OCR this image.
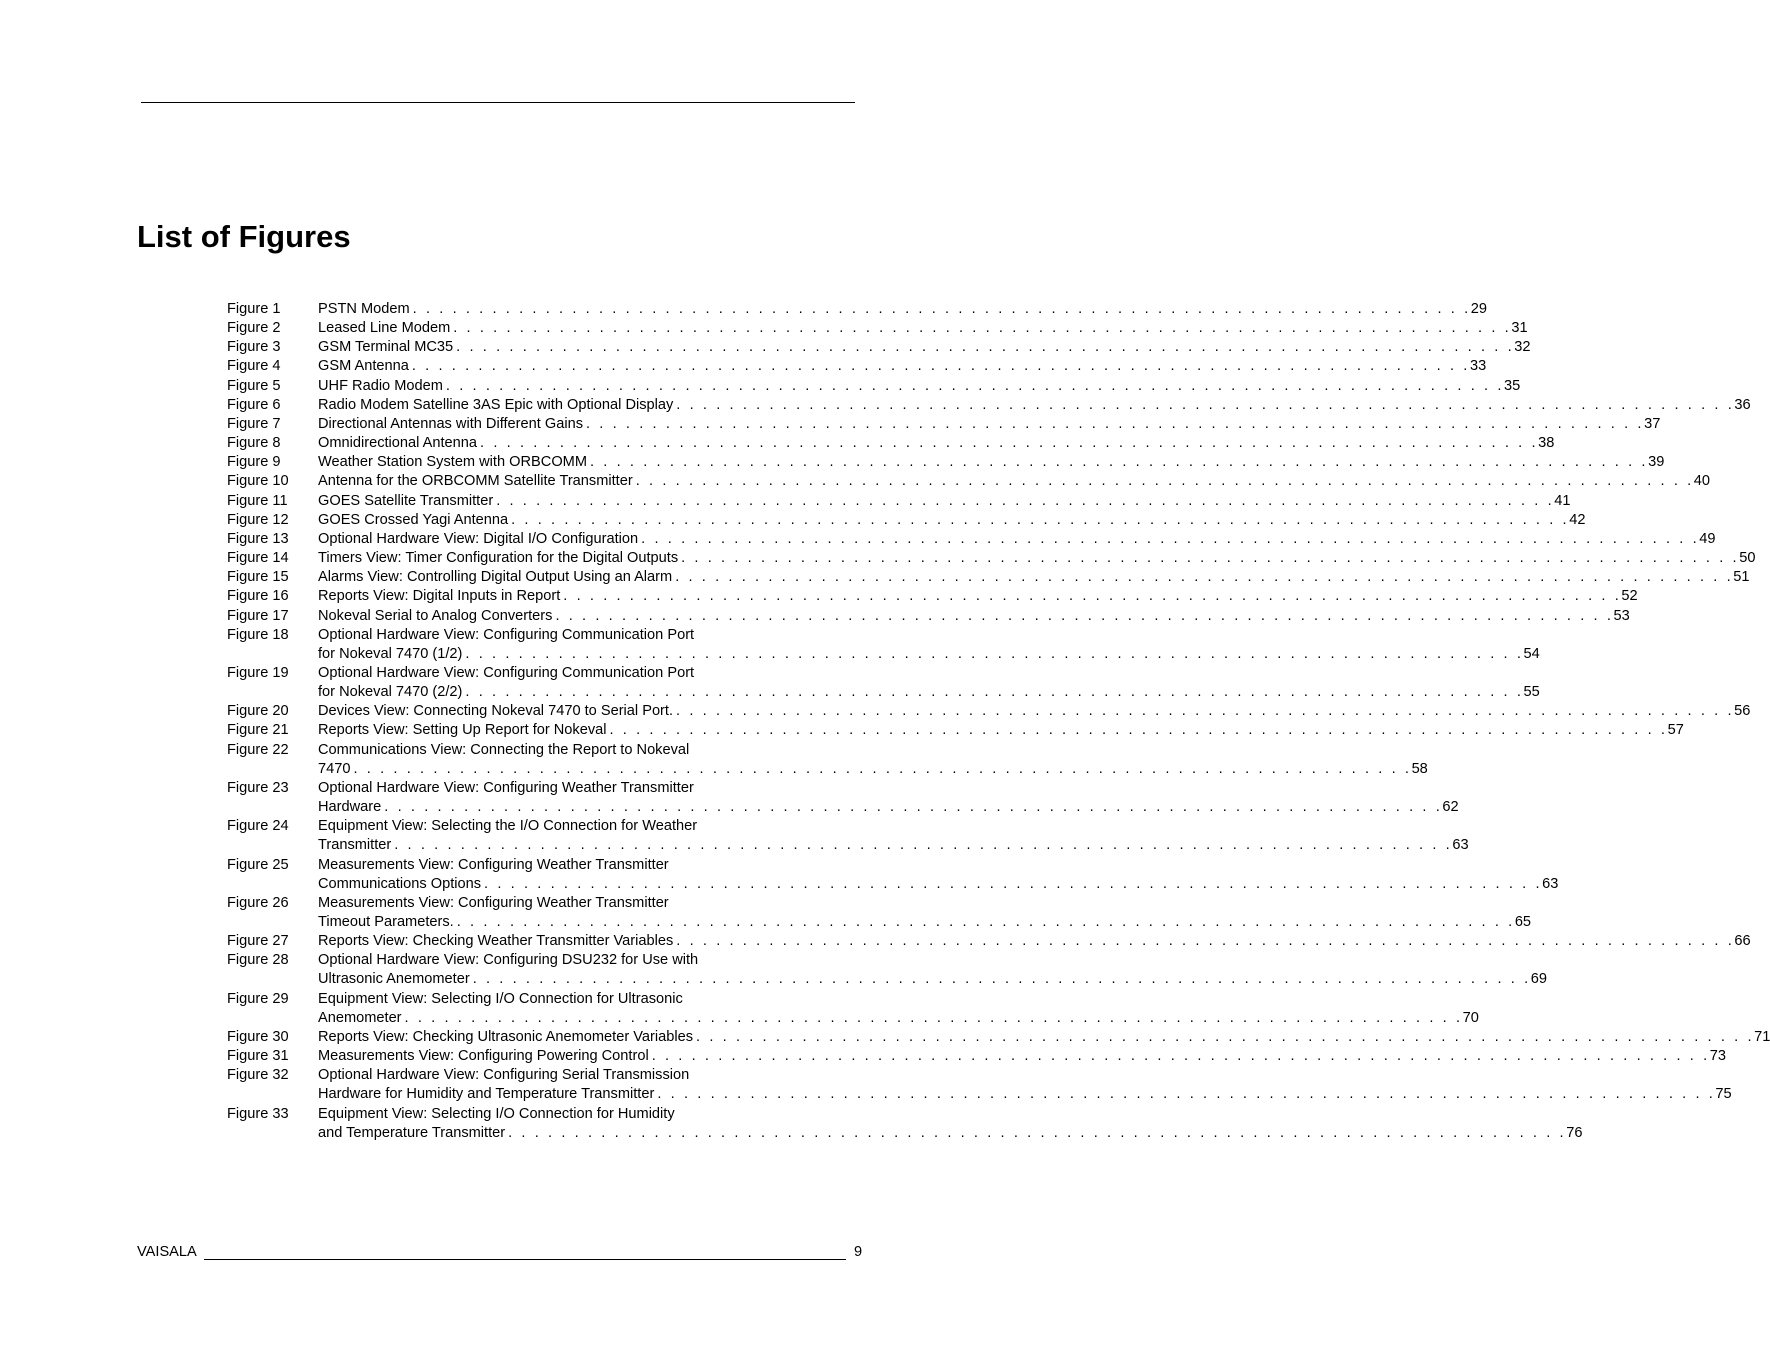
List of Figures
Figure 1	PSTN Modem . . . . . . . . . . . . . . . . . . . . . . . . . . . . . . . . . . . . . . . . . . . . . . . . . . . . . . . . . . . . . . . . . . . . . . . . . . . . . . . . 29
Figure 2	Leased Line Modem . . . . . . . . . . . . . . . . . . . . . . . . . . . . . . . . . . . . . . . . . . . . . . . . . . . . . . . . . . . . . . . . . . . . . . . . . . . . . . . . 31
Figure 3	GSM Terminal MC35 . . . . . . . . . . . . . . . . . . . . . . . . . . . . . . . . . . . . . . . . . . . . . . . . . . . . . . . . . . . . . . . . . . . . . . . . . . . . . . . . 32
Figure 4	GSM Antenna . . . . . . . . . . . . . . . . . . . . . . . . . . . . . . . . . . . . . . . . . . . . . . . . . . . . . . . . . . . . . . . . . . . . . . . . . . . . . . . . 33
Figure 5	UHF Radio Modem . . . . . . . . . . . . . . . . . . . . . . . . . . . . . . . . . . . . . . . . . . . . . . . . . . . . . . . . . . . . . . . . . . . . . . . . . . . . . . . . 35
Figure 6	Radio Modem Satelline 3AS Epic with Optional Display . . . . . . . . . . . . . . . . . . . . . . . . . . . . . . . . . . . . . . . . . . . . . . . . . . . . . . . . . . . . . . . . . . . . . . . . . . . . . . . . 36
Figure 7	Directional Antennas with Different Gains . . . . . . . . . . . . . . . . . . . . . . . . . . . . . . . . . . . . . . . . . . . . . . . . . . . . . . . . . . . . . . . . . . . . . . . . . . . . . . . . 37
Figure 8	Omnidirectional Antenna . . . . . . . . . . . . . . . . . . . . . . . . . . . . . . . . . . . . . . . . . . . . . . . . . . . . . . . . . . . . . . . . . . . . . . . . . . . . . . . . 38
Figure 9	Weather Station System with ORBCOMM . . . . . . . . . . . . . . . . . . . . . . . . . . . . . . . . . . . . . . . . . . . . . . . . . . . . . . . . . . . . . . . . . . . . . . . . . . . . . . . . 39
Figure 10	Antenna for the ORBCOMM Satellite Transmitter . . . . . . . . . . . . . . . . . . . . . . . . . . . . . . . . . . . . . . . . . . . . . . . . . . . . . . . . . . . . . . . . . . . . . . . . . . . . . . . . 40
Figure 11	GOES Satellite Transmitter . . . . . . . . . . . . . . . . . . . . . . . . . . . . . . . . . . . . . . . . . . . . . . . . . . . . . . . . . . . . . . . . . . . . . . . . . . . . . . . . 41
Figure 12	GOES Crossed Yagi Antenna . . . . . . . . . . . . . . . . . . . . . . . . . . . . . . . . . . . . . . . . . . . . . . . . . . . . . . . . . . . . . . . . . . . . . . . . . . . . . . . . 42
Figure 13	Optional Hardware View: Digital I/O Configuration . . . . . . . . . . . . . . . . . . . . . . . . . . . . . . . . . . . . . . . . . . . . . . . . . . . . . . . . . . . . . . . . . . . . . . . . . . . . . . . . 49
Figure 14	Timers View: Timer Configuration for the Digital Outputs . . . . . . . . . . . . . . . . . . . . . . . . . . . . . . . . . . . . . . . . . . . . . . . . . . . . . . . . . . . . . . . . . . . . . . . . . . . . . . . . 50
Figure 15	Alarms View: Controlling Digital Output Using an Alarm . . . . . . . . . . . . . . . . . . . . . . . . . . . . . . . . . . . . . . . . . . . . . . . . . . . . . . . . . . . . . . . . . . . . . . . . . . . . . . . . 51
Figure 16	Reports View: Digital Inputs in Report . . . . . . . . . . . . . . . . . . . . . . . . . . . . . . . . . . . . . . . . . . . . . . . . . . . . . . . . . . . . . . . . . . . . . . . . . . . . . . . . 52
Figure 17	Nokeval Serial to Analog Converters . . . . . . . . . . . . . . . . . . . . . . . . . . . . . . . . . . . . . . . . . . . . . . . . . . . . . . . . . . . . . . . . . . . . . . . . . . . . . . . . 53
Figure 18	Optional Hardware View: Configuring Communication Port
for Nokeval 7470 (1/2) . . . . . . . . . . . . . . . . . . . . . . . . . . . . . . . . . . . . . . . . . . . . . . . . . . . . . . . . . . . . . . . . . . . . . . . . . . . . . . . . 54
Figure 19	Optional Hardware View: Configuring Communication Port
for Nokeval 7470 (2/2) . . . . . . . . . . . . . . . . . . . . . . . . . . . . . . . . . . . . . . . . . . . . . . . . . . . . . . . . . . . . . . . . . . . . . . . . . . . . . . . . 55
Figure 20	Devices View: Connecting Nokeval 7470 to Serial Port. . . . . . . . . . . . . . . . . . . . . . . . . . . . . . . . . . . . . . . . . . . . . . . . . . . . . . . . . . . . . . . . . . . . . . . . . . . . . . . . . 56
Figure 21	Reports View: Setting Up Report for Nokeval . . . . . . . . . . . . . . . . . . . . . . . . . . . . . . . . . . . . . . . . . . . . . . . . . . . . . . . . . . . . . . . . . . . . . . . . . . . . . . . . 57
Figure 22	Communications View: Connecting the Report to Nokeval
7470 . . . . . . . . . . . . . . . . . . . . . . . . . . . . . . . . . . . . . . . . . . . . . . . . . . . . . . . . . . . . . . . . . . . . . . . . . . . . . . . . 58
Figure 23	Optional Hardware View: Configuring Weather Transmitter
Hardware . . . . . . . . . . . . . . . . . . . . . . . . . . . . . . . . . . . . . . . . . . . . . . . . . . . . . . . . . . . . . . . . . . . . . . . . . . . . . . . . 62
Figure 24	Equipment View: Selecting the I/O Connection for Weather
Transmitter . . . . . . . . . . . . . . . . . . . . . . . . . . . . . . . . . . . . . . . . . . . . . . . . . . . . . . . . . . . . . . . . . . . . . . . . . . . . . . . . 63
Figure 25	Measurements View: Configuring Weather Transmitter
Communications Options . . . . . . . . . . . . . . . . . . . . . . . . . . . . . . . . . . . . . . . . . . . . . . . . . . . . . . . . . . . . . . . . . . . . . . . . . . . . . . . . 63
Figure 26	Measurements View: Configuring Weather Transmitter
Timeout Parameters. . . . . . . . . . . . . . . . . . . . . . . . . . . . . . . . . . . . . . . . . . . . . . . . . . . . . . . . . . . . . . . . . . . . . . . . . . . . . . . . . 65
Figure 27	Reports View: Checking Weather Transmitter Variables . . . . . . . . . . . . . . . . . . . . . . . . . . . . . . . . . . . . . . . . . . . . . . . . . . . . . . . . . . . . . . . . . . . . . . . . . . . . . . . . 66
Figure 28	Optional Hardware View: Configuring DSU232 for Use with
Ultrasonic Anemometer . . . . . . . . . . . . . . . . . . . . . . . . . . . . . . . . . . . . . . . . . . . . . . . . . . . . . . . . . . . . . . . . . . . . . . . . . . . . . . . . 69
Figure 29	Equipment View: Selecting I/O Connection for Ultrasonic
Anemometer . . . . . . . . . . . . . . . . . . . . . . . . . . . . . . . . . . . . . . . . . . . . . . . . . . . . . . . . . . . . . . . . . . . . . . . . . . . . . . . . 70
Figure 30	Reports View: Checking Ultrasonic Anemometer Variables . . . . . . . . . . . . . . . . . . . . . . . . . . . . . . . . . . . . . . . . . . . . . . . . . . . . . . . . . . . . . . . . . . . . . . . . . . . . . . . . 71
Figure 31	Measurements View: Configuring Powering Control . . . . . . . . . . . . . . . . . . . . . . . . . . . . . . . . . . . . . . . . . . . . . . . . . . . . . . . . . . . . . . . . . . . . . . . . . . . . . . . . 73
Figure 32	Optional Hardware View: Configuring Serial Transmission
Hardware for Humidity and Temperature Transmitter . . . . . . . . . . . . . . . . . . . . . . . . . . . . . . . . . . . . . . . . . . . . . . . . . . . . . . . . . . . . . . . . . . . . . . . . . . . . . . . . 75
Figure 33	Equipment View: Selecting I/O Connection for Humidity
and Temperature Transmitter . . . . . . . . . . . . . . . . . . . . . . . . . . . . . . . . . . . . . . . . . . . . . . . . . . . . . . . . . . . . . . . . . . . . . . . . . . . . . . . . 76
VAISALA	9
